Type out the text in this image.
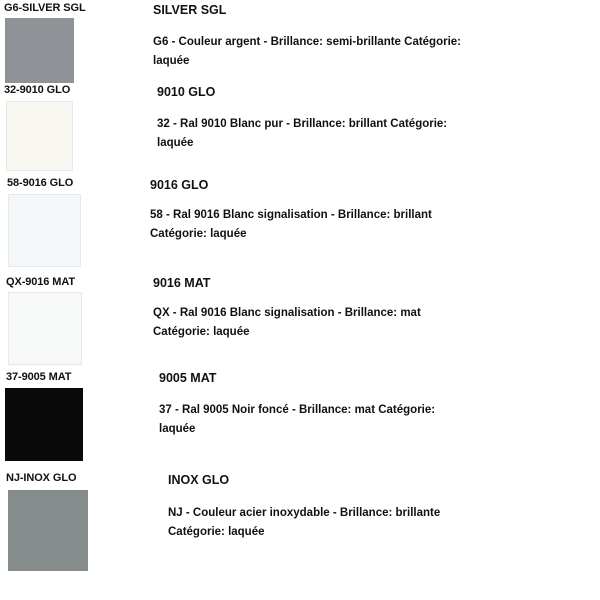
G6-SILVER SGL	SILVER SGL
G6 - Couleur argent - Brillance: semi-brillante Catégorie:
laquée
32-9010 GLO	9010 GLO
32 - Ral 9010 Blanc pur - Brillance: brillant Catégorie:
laquée
58-9016 GLO	9016 GLO
58 - Ral 9016 Blanc signalisation - Brillance: brillant
Catégorie: laquée
QX-9016 MAT	9016 MAT
QX - Ral 9016 Blanc signalisation - Brillance: mat
Catégorie: laquée
37-9005 MAT	9005 MAT
37 - Ral 9005 Noir foncé - Brillance: mat Catégorie:
laquée
NJ-INOX GLO	INOX GLO
NJ - Couleur acier inoxydable - Brillance: brillante
Catégorie: laquée
